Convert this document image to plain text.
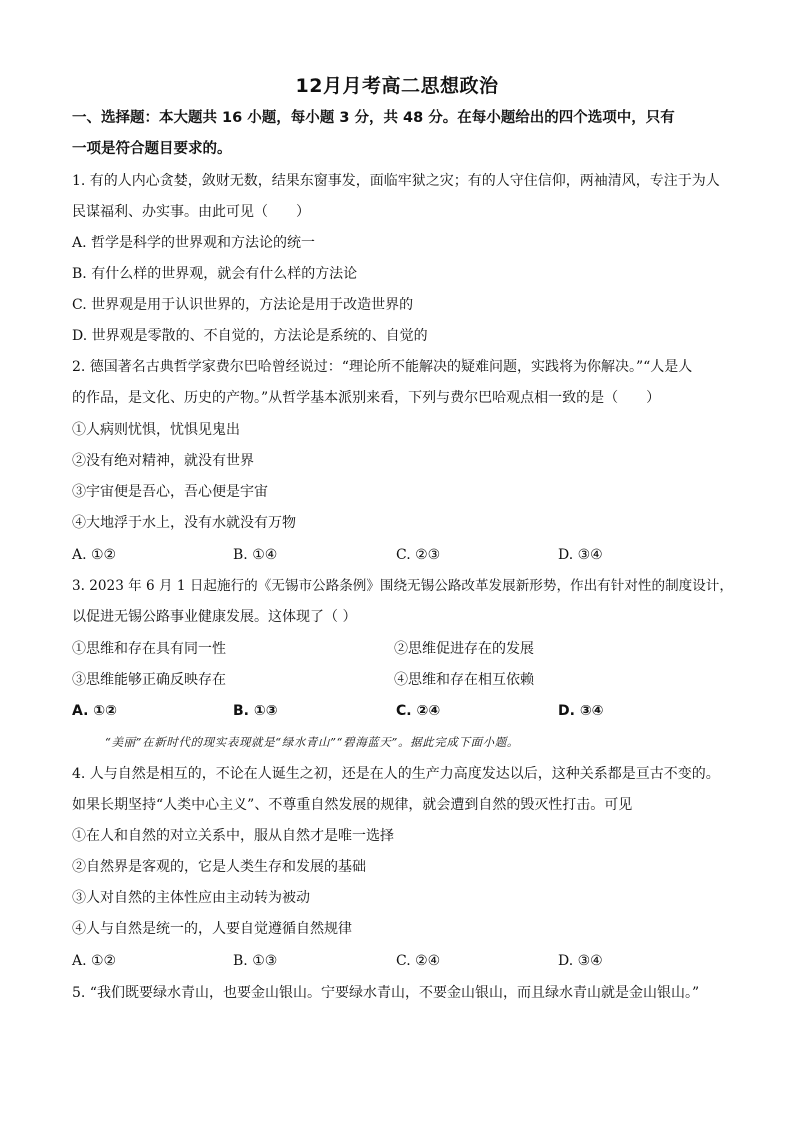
12月月考高二思想政治
一、选择题：本大题共 16 小题，每小题 3 分，共 48 分。在每小题给出的四个选项中，只有
一项是符合题目要求的。
1. 有的人内心贪婪，敛财无数，结果东窗事发，面临牢狱之灾；有的人守住信仰，两袖清风，专注于为人
民谋福利、办实事。由此可见（　　）
A. 哲学是科学的世界观和方法论的统一
B. 有什么样的世界观，就会有什么样的方法论
C. 世界观是用于认识世界的，方法论是用于改造世界的
D. 世界观是零散的、不自觉的，方法论是系统的、自觉的
2. 德国著名古典哲学家费尔巴哈曾经说过：“理论所不能解决的疑难问题，实践将为你解决。”“人是人
的作品，是文化、历史的产物。”从哲学基本派别来看，下列与费尔巴哈观点相一致的是（　　）
①人病则忧惧，忧惧见鬼出
②没有绝对精神，就没有世界
③宇宙便是吾心，吾心便是宇宙
④大地浮于水上，没有水就没有万物
A. ①②	B. ①④	C. ②③	D. ③④
3. 2023 年 6 月 1 日起施行的《无锡市公路条例》围绕无锡公路改革发展新形势，作出有针对性的制度设计，
以促进无锡公路事业健康发展。这体现了（ ）
①思维和存在具有同一性	②思维促进存在的发展
③思维能够正确反映存在	④思维和存在相互依赖
A. ①②	B. ①③	C. ②④	D. ③④
“美丽”在新时代的现实表现就是“绿水青山”“碧海蓝天”。据此完成下面小题。
4. 人与自然是相互的，不论在人诞生之初，还是在人的生产力高度发达以后，这种关系都是亘古不变的。
如果长期坚持“人类中心主义”、不尊重自然发展的规律，就会遭到自然的毁灭性打击。可见
①在人和自然的对立关系中，服从自然才是唯一选择
②自然界是客观的，它是人类生存和发展的基础
③人对自然的主体性应由主动转为被动
④人与自然是统一的，人要自觉遵循自然规律
A. ①②	B. ①③	C. ②④	D. ③④
5. “我们既要绿水青山，也要金山银山。宁要绿水青山，不要金山银山，而且绿水青山就是金山银山。”
